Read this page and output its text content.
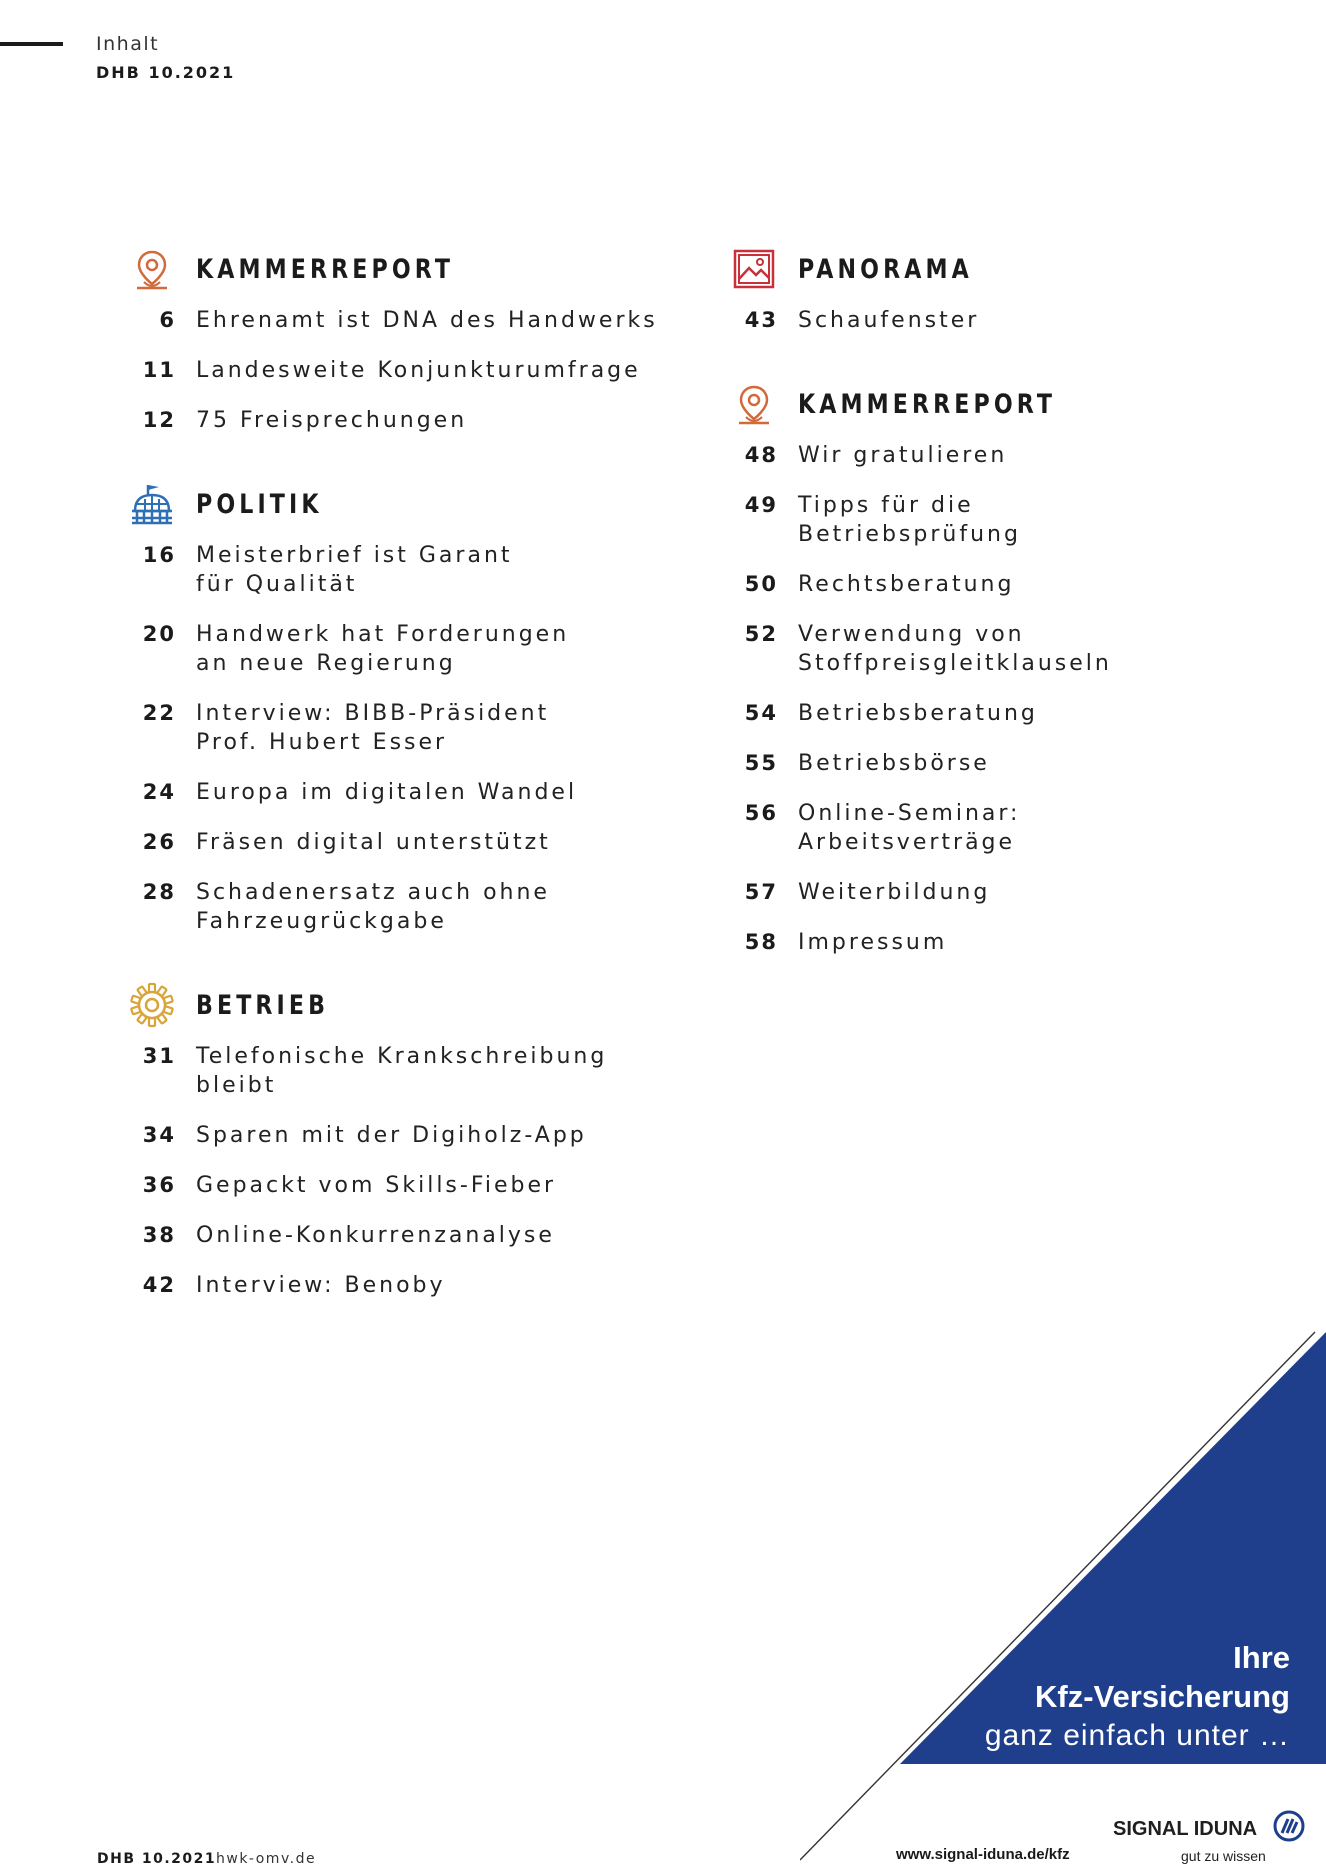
Inhalt
DHB 10.2021
KAMMERREPORT
6 Ehrenamt ist DNA des Handwerks
11 Landesweite Konjunkturumfrage
12 75 Freisprechungen
POLITIK
16 Meisterbrief ist Garant
für Qualität
20 Handwerk hat Forderungen
an neue Regierung
22 Interview: BIBB-Präsident
Prof. Hubert Esser
24 Europa im digitalen Wandel
26 Fräsen digital unterstützt
28 Schadenersatz auch ohne
Fahrzeugrückgabe
BETRIEB
31 Telefonische Krankschreibung
bleibt
34 Sparen mit der Digiholz-App
36 Gepackt vom Skills-Fieber
38 Online-Konkurrenzanalyse
42 Interview: Benoby
PANORAMA
43 Schaufenster
KAMMERREPORT
48 Wir gratulieren
49 Tipps für die
Betriebsprüfung
50 Rechtsberatung
52 Verwendung von
Stoffpreisgleitklauseln
54 Betriebsberatung
55 Betriebsbörse
56 Online-Seminar:
Arbeitsverträge
57 Weiterbildung
58 Impressum
DHB 10.2021 hwk-omv.de
Ihre
Kfz-Versicherung
ganz einfach unter …
www.signal-iduna.de/kfz
SIGNAL IDUNA
gut zu wissen
